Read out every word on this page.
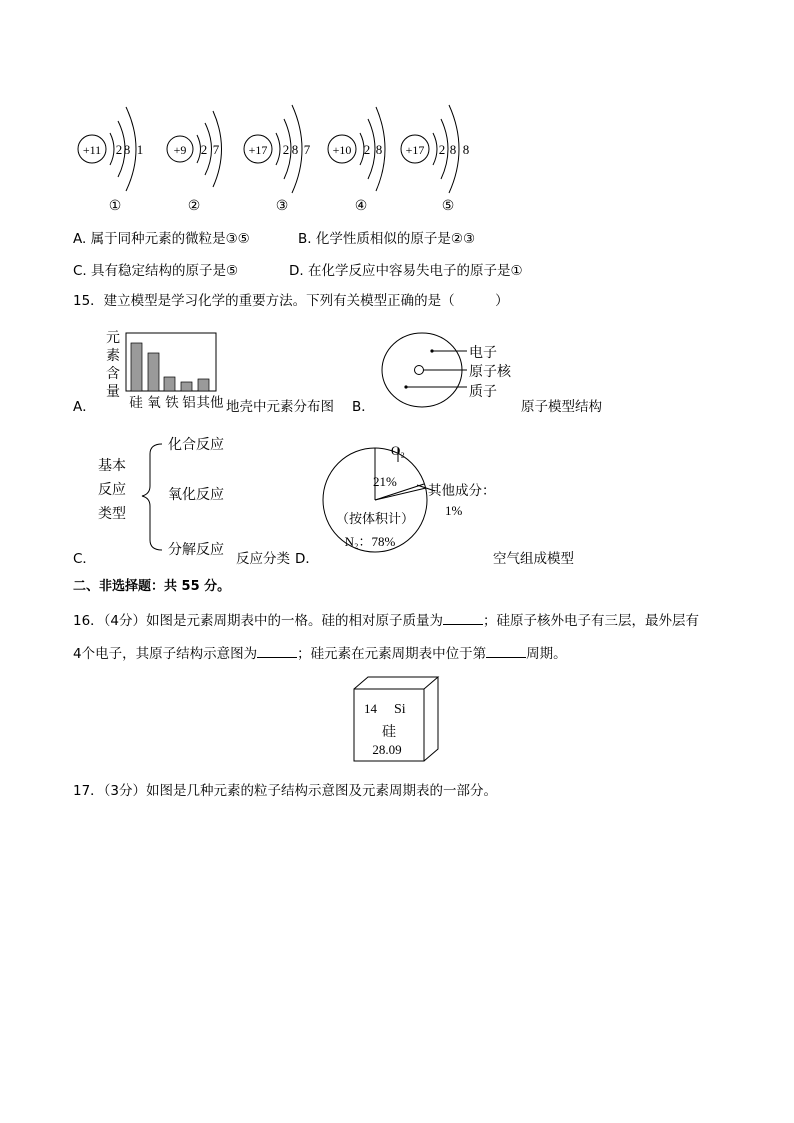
+11 2 8 1
①
+9 2 7
②
+17 2 8 7
③
+10 2 8
④
+17 2 8 8
⑤
A. 属于同种元素的微粒是③⑤	B. 化学性质相似的原子是②③
C. 具有稳定结构的原子是⑤	D. 在化学反应中容易失电子的原子是①
15．建立模型是学习化学的重要方法。下列有关模型正确的是（　　　）
A．
元
素
含
量
硅 氧 铁 铝 其他 地壳中元素分布图 B．
电子
原子核
质子
原子模型结构
C．
基本
反应
类型
化合反应
氧化反应
分解反应
反应分类 D．
O₂
21%
其他成分：
1%
（按体积计）
N₂：78%
空气组成模型
二、非选择题：共 55 分。
16．（4分）如图是元素周期表中的一格。硅的相对原子质量为	；硅原子核外电子有三层，最外层有
4个电子，其原子结构示意图为	；硅元素在元素周期表中位于第	周期。
14 Si
硅
28.09
17．（3分）如图是几种元素的粒子结构示意图及元素周期表的一部分。
